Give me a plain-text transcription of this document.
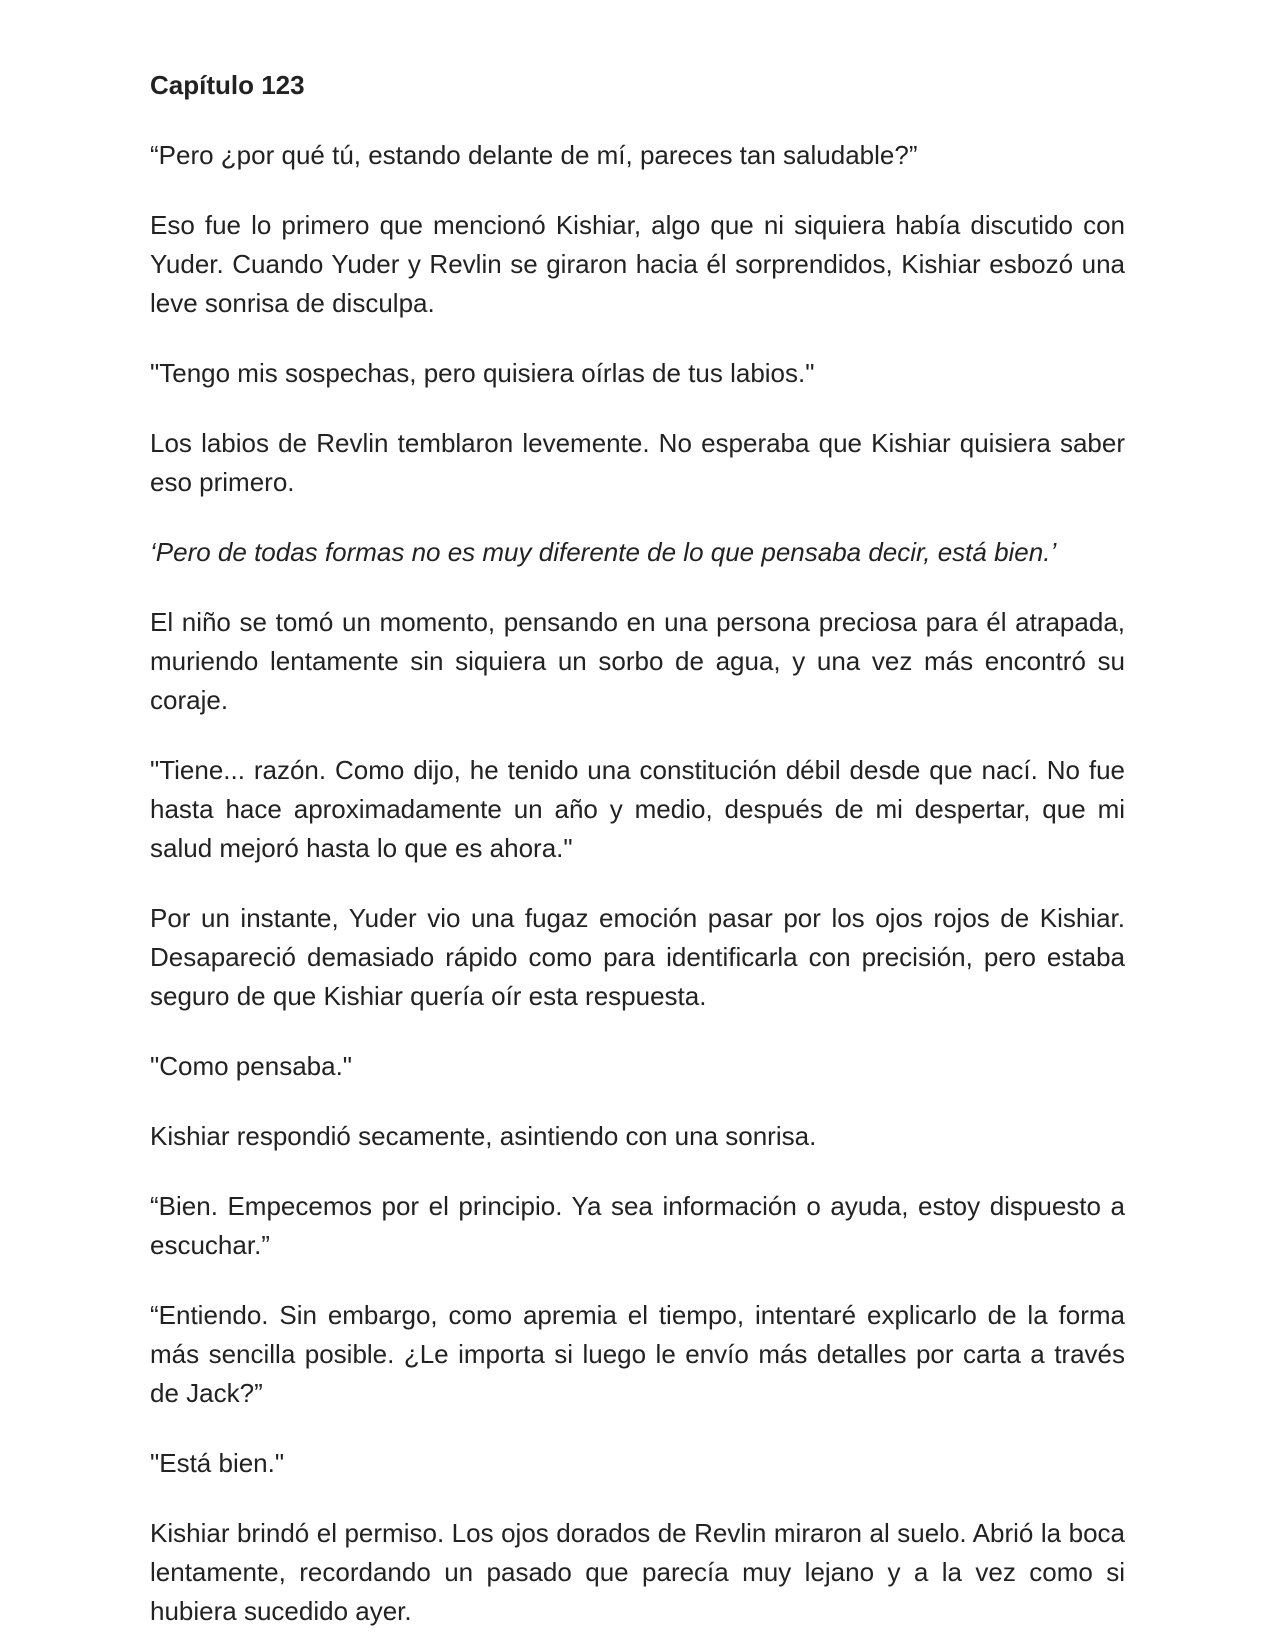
Capítulo 123

“Pero ¿por qué tú, estando delante de mí, pareces tan saludable?”

Eso fue lo primero que mencionó Kishiar, algo que ni siquiera había discutido con Yuder. Cuando Yuder y Revlin se giraron hacia él sorprendidos, Kishiar esbozó una leve sonrisa de disculpa.

"Tengo mis sospechas, pero quisiera oírlas de tus labios."

Los labios de Revlin temblaron levemente. No esperaba que Kishiar quisiera saber eso primero.

‘Pero de todas formas no es muy diferente de lo que pensaba decir, está bien.’

El niño se tomó un momento, pensando en una persona preciosa para él atrapada, muriendo lentamente sin siquiera un sorbo de agua, y una vez más encontró su coraje.

"Tiene... razón. Como dijo, he tenido una constitución débil desde que nací. No fue hasta hace aproximadamente un año y medio, después de mi despertar, que mi salud mejoró hasta lo que es ahora."

Por un instante, Yuder vio una fugaz emoción pasar por los ojos rojos de Kishiar. Desapareció demasiado rápido como para identificarla con precisión, pero estaba seguro de que Kishiar quería oír esta respuesta.

"Como pensaba."

Kishiar respondió secamente, asintiendo con una sonrisa.

“Bien. Empecemos por el principio. Ya sea información o ayuda, estoy dispuesto a escuchar.”

“Entiendo. Sin embargo, como apremia el tiempo, intentaré explicarlo de la forma más sencilla posible. ¿Le importa si luego le envío más detalles por carta a través de Jack?”

"Está bien."

Kishiar brindó el permiso. Los ojos dorados de Revlin miraron al suelo. Abrió la boca lentamente, recordando un pasado que parecía muy lejano y a la vez como si hubiera sucedido ayer.
